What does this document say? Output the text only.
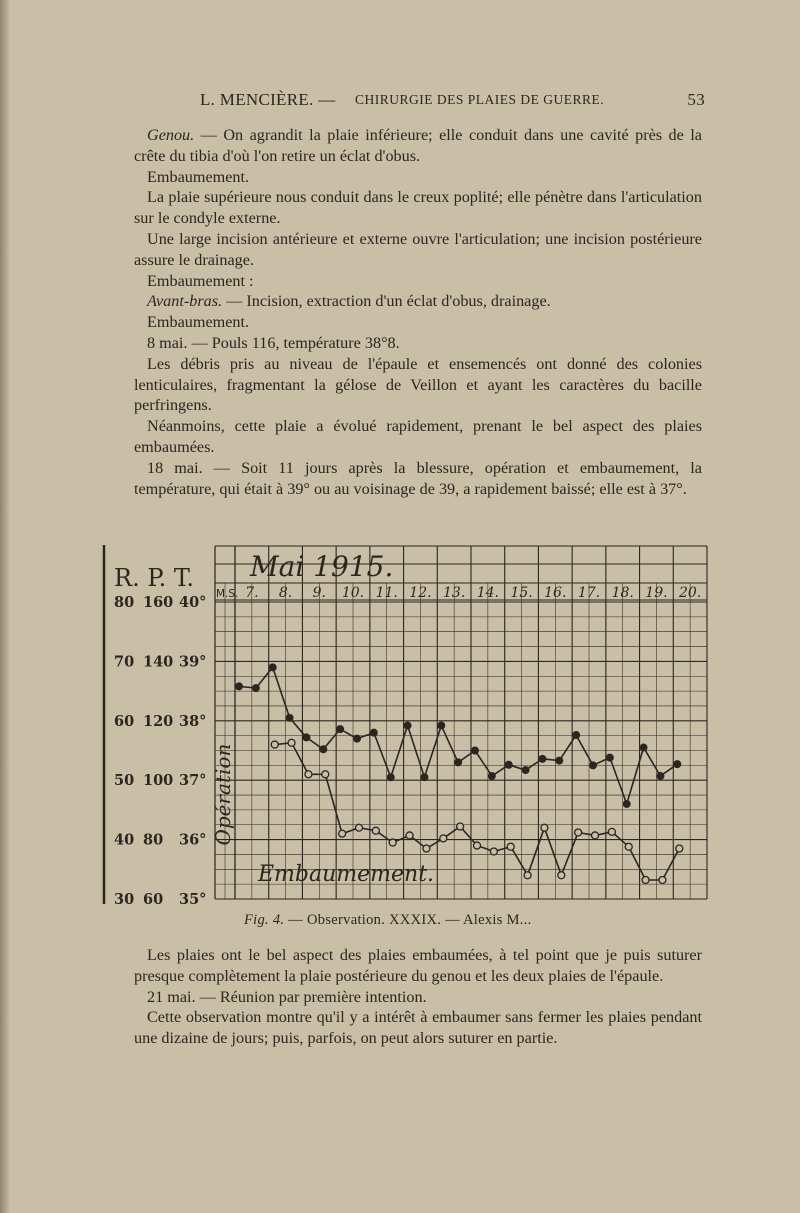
L. MENCIÈRE. — CHIRURGIE DES PLAIES DE GUERRE.	53

Genou. — On agrandit la plaie inférieure; elle conduit dans une cavité près de la crête du tibia d'où l'on retire un éclat d'obus.

Embaumement.

La plaie supérieure nous conduit dans le creux poplité; elle pénètre dans l'articulation sur le condyle externe.

Une large incision antérieure et externe ouvre l'articulation; une incision postérieure assure le drainage.

Embaumement :

Avant-bras. — Incision, extraction d'un éclat d'obus, drainage.

Embaumement.

8 mai. — Pouls 116, température 38°8.

Les débris pris au niveau de l'épaule et ensemencés ont donné des colonies lenticulaires, fragmentant la gélose de Veillon et ayant les caractères du bacille perfringens.

Néanmoins, cette plaie a évolué rapidement, prenant le bel aspect des plaies embaumées.

18 mai. — Soit 11 jours après la blessure, opération et embaumement, la température, qui était à 39° ou au voisinage de 39, a rapidement baissé; elle est à 37°.

R. P. T.
80 160 40°
70 140 39°
60 120 38°
50 100 37°
40 80 36°
30 60 35°
Mai 1915.
M.S. 7. 8. 9. 10. 11. 12. 13. 14. 15. 16. 17. 18. 19. 20.
Opération
Embaumement.
Fig. 4. — Observation. XXXIX. — Alexis M...

Les plaies ont le bel aspect des plaies embaumées, à tel point que je puis suturer presque complètement la plaie postérieure du genou et les deux plaies de l'épaule.

21 mai. — Réunion par première intention.

Cette observation montre qu'il y a intérêt à embaumer sans fermer les plaies pendant une dizaine de jours; puis, parfois, on peut alors suturer en partie.
